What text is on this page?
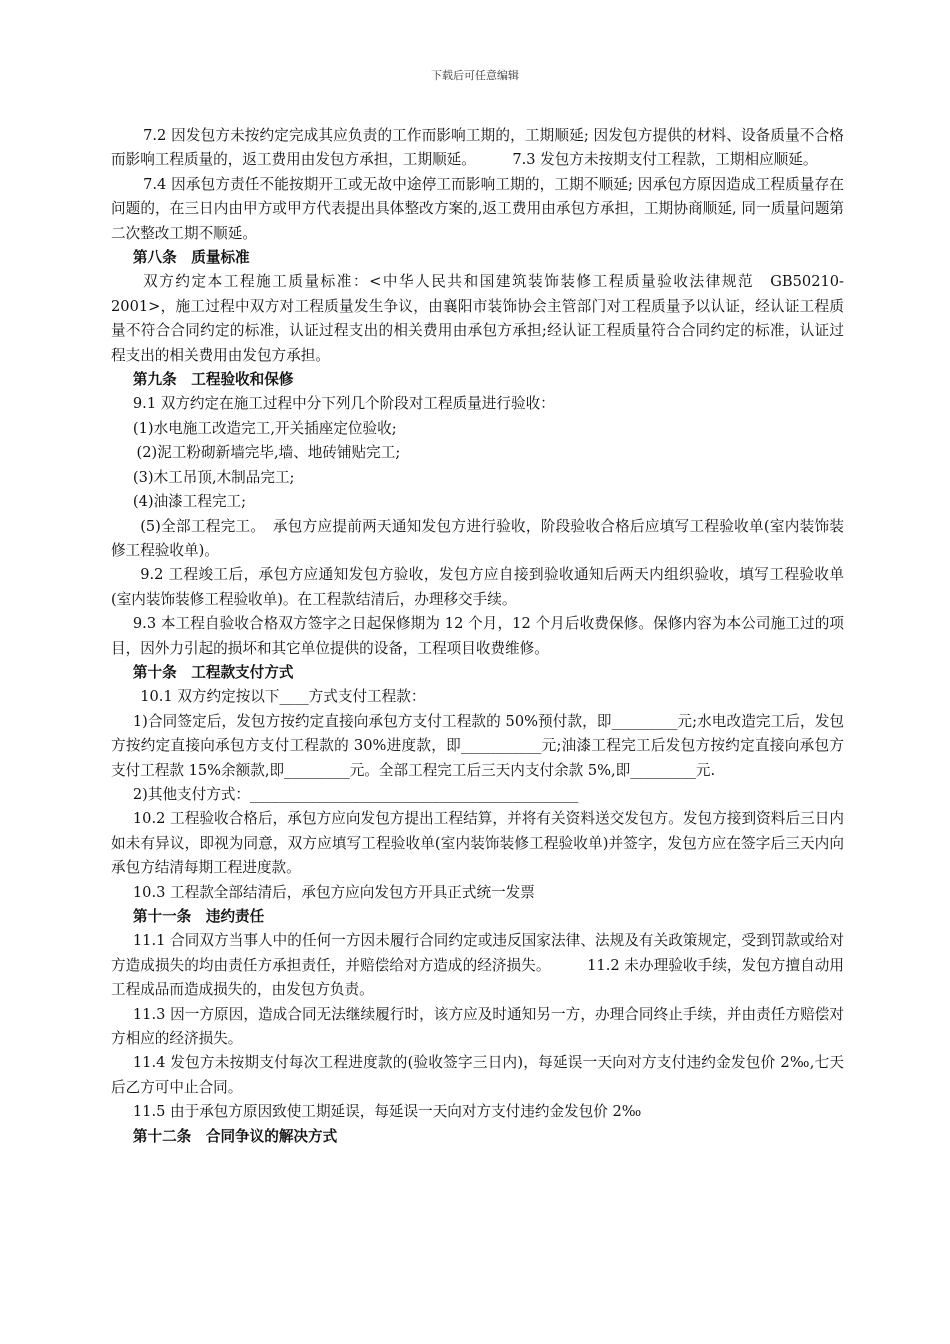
下载后可任意编辑

7.2 因发包方未按约定完成其应负责的工作而影响工期的，工期顺延; 因发包方提供的材料、设备质量不合格而影响工程质量的，返工费用由发包方承担，工期顺延。　　　7.3 发包方未按期支付工程款，工期相应顺延。

7.4 因承包方责任不能按期开工或无故中途停工而影响工期的，工期不顺延; 因承包方原因造成工程质量存在问题的，在三日内由甲方或甲方代表提出具体整改方案的,返工费用由承包方承担，工期协商顺延, 同一质量问题第二次整改工期不顺延。

第八条　质量标准

双方约定本工程施工质量标准：<中华人民共和国建筑装饰装修工程质量验收法律规范　GB50210-2001>，施工过程中双方对工程质量发生争议，由襄阳市装饰协会主管部门对工程质量予以认证，经认证工程质量不符合合同约定的标准，认证过程支出的相关费用由承包方承担;经认证工程质量符合合同约定的标准，认证过程支出的相关费用由发包方承担。

第九条　工程验收和保修

9.1 双方约定在施工过程中分下列几个阶段对工程质量进行验收：

(1)水电施工改造完工,开关插座定位验收;

(2)泥工粉砌新墙完毕,墙、地砖铺贴完工;

(3)木工吊顶,木制品完工;

(4)油漆工程完工;

(5)全部工程完工。　承包方应提前两天通知发包方进行验收，阶段验收合格后应填写工程验收单(室内装饰装修工程验收单)。

9.2 工程竣工后，承包方应通知发包方验收，发包方应自接到验收通知后两天内组织验收，填写工程验收单(室内装饰装修工程验收单)。在工程款结清后，办理移交手续。

9.3 本工程自验收合格双方签字之日起保修期为 12 个月，12 个月后收费保修。保修内容为本公司施工过的项目，因外力引起的损坏和其它单位提供的设备，工程项目收费维修。

第十条　工程款支付方式

10.1 双方约定按以下____方式支付工程款：

1)合同签定后，发包方按约定直接向承包方支付工程款的 50%预付款，即_________元;水电改造完工后，发包方按约定直接向承包方支付工程款的 30%进度款，即___________元;油漆工程完工后发包方按约定直接向承包方支付工程款 15%余额款,即_________元。全部工程完工后三天内支付余款 5%,即_________元.

2)其他支付方式：_____________________________________________

10.2 工程验收合格后，承包方应向发包方提出工程结算，并将有关资料送交发包方。发包方接到资料后三日内如未有异议，即视为同意，双方应填写工程验收单(室内装饰装修工程验收单)并签字，发包方应在签字后三天内向承包方结清每期工程进度款。

10.3 工程款全部结清后，承包方应向发包方开具正式统一发票

第十一条　违约责任

11.1 合同双方当事人中的任何一方因未履行合同约定或违反国家法律、法规及有关政策规定，受到罚款或给对方造成损失的均由责任方承担责任，并赔偿给对方造成的经济损失。　　　11.2 未办理验收手续，发包方擅自动用工程成品而造成损失的，由发包方负责。

11.3 因一方原因，造成合同无法继续履行时，该方应及时通知另一方，办理合同终止手续，并由责任方赔偿对方相应的经济损失。

11.4 发包方未按期支付每次工程进度款的(验收签字三日内)，每延误一天向对方支付违约金发包价 2‰,七天后乙方可中止合同。

11.5 由于承包方原因致使工期延误，每延误一天向对方支付违约金发包价 2‰

第十二条　合同争议的解决方式
